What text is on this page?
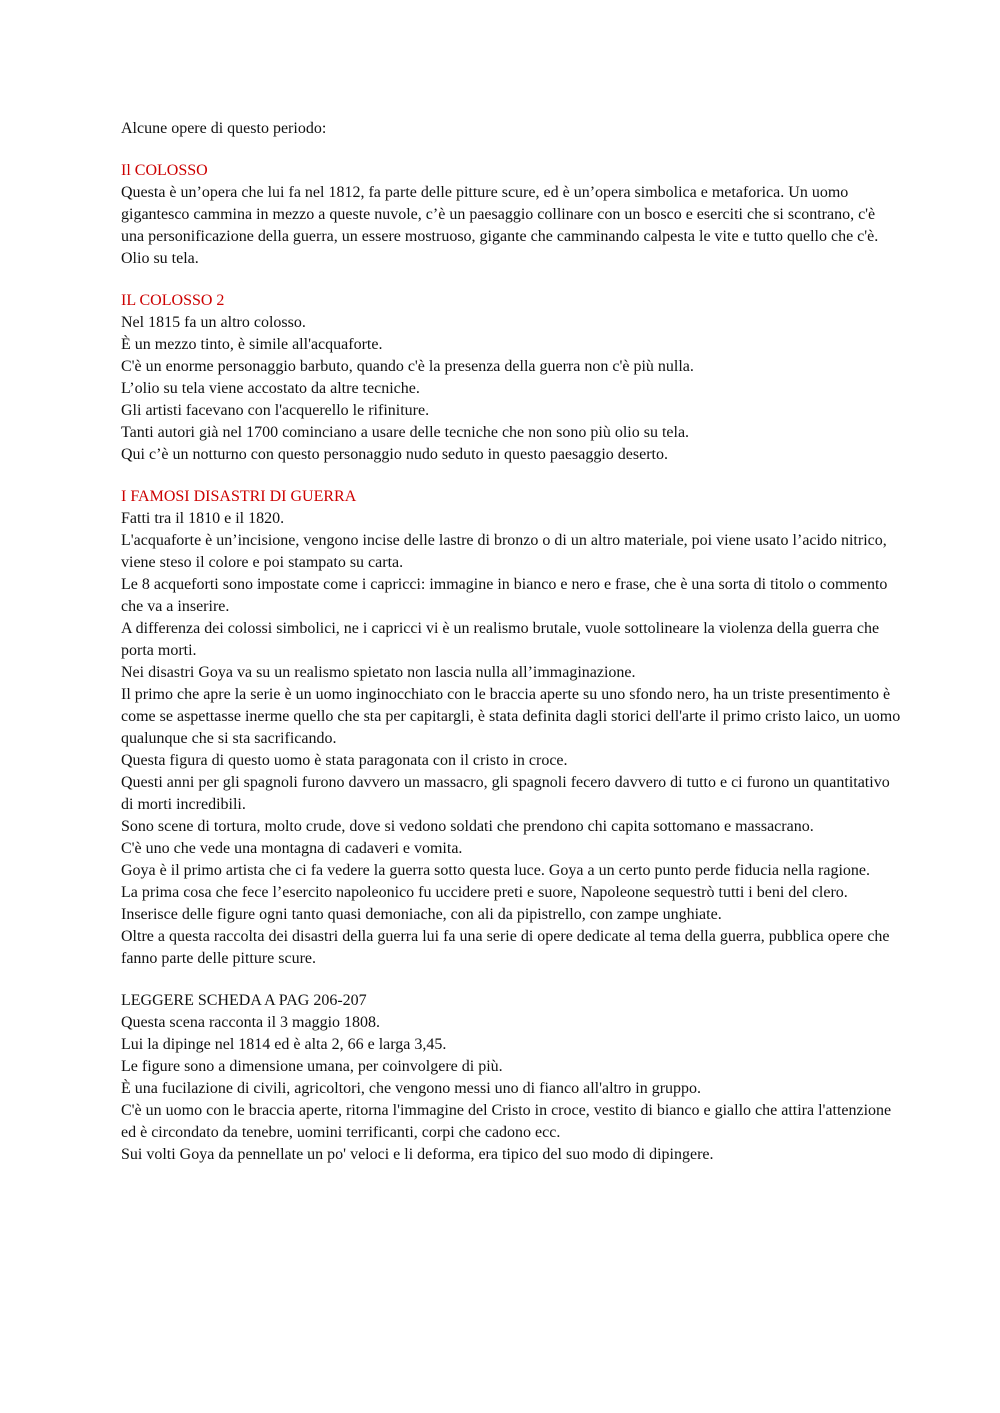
Alcune opere di questo periodo:

Il COLOSSO

Questa è un’opera che lui fa nel 1812, fa parte delle pitture scure, ed è un’opera simbolica e metaforica. Un uomo gigantesco cammina in mezzo a queste nuvole, c’è un paesaggio collinare con un bosco e eserciti che si scontrano, c'è una personificazione della guerra, un essere mostruoso, gigante che camminando calpesta le vite e tutto quello che c'è.

Olio su tela.

IL COLOSSO 2

Nel 1815 fa un altro colosso.

È un mezzo tinto, è simile all'acquaforte.

C'è un enorme personaggio barbuto, quando c'è la presenza della guerra non c'è più nulla.

L’olio su tela viene accostato da altre tecniche.

Gli artisti facevano con l'acquerello le rifiniture.

Tanti autori già nel 1700 cominciano a usare delle tecniche che non sono più olio su tela.

Qui c’è un notturno con questo personaggio nudo seduto in questo paesaggio deserto.

I FAMOSI DISASTRI DI GUERRA

Fatti tra il 1810 e il 1820.

L'acquaforte è un’incisione, vengono incise delle lastre di bronzo o di un altro materiale, poi viene usato l’acido nitrico, viene steso il colore e poi stampato su carta.

Le 8 acqueforti sono impostate come i capricci: immagine in bianco e nero e frase, che è una sorta di titolo o commento che va a inserire.

A differenza dei colossi simbolici, ne i capricci vi è un realismo brutale, vuole sottolineare la violenza della guerra che porta morti.

Nei disastri Goya va su un realismo spietato non lascia nulla all’immaginazione.

Il primo che apre la serie è un uomo inginocchiato con le braccia aperte su uno sfondo nero, ha un triste presentimento è come se aspettasse inerme quello che sta per capitargli, è stata definita dagli storici dell'arte il primo cristo laico, un uomo qualunque che si sta sacrificando.

Questa figura di questo uomo è stata paragonata con il cristo in croce.

Questi anni per gli spagnoli furono davvero un massacro, gli spagnoli fecero davvero di tutto e ci furono un quantitativo di morti incredibili.

Sono scene di tortura, molto crude, dove si vedono soldati che prendono chi capita sottomano e massacrano.

C'è uno che vede una montagna di cadaveri e vomita.

Goya è il primo artista che ci fa vedere la guerra sotto questa luce. Goya a un certo punto perde fiducia nella ragione.

La prima cosa che fece l’esercito napoleonico fu uccidere preti e suore, Napoleone sequestrò tutti i beni del clero.

Inserisce delle figure ogni tanto quasi demoniache, con ali da pipistrello, con zampe unghiate.

Oltre a questa raccolta dei disastri della guerra lui fa una serie di opere dedicate al tema della guerra, pubblica opere che fanno parte delle pitture scure.

LEGGERE SCHEDA A PAG 206-207

Questa scena racconta il 3 maggio 1808.

Lui la dipinge nel 1814 ed è alta 2, 66 e larga 3,45.

Le figure sono a dimensione umana, per coinvolgere di più.

È una fucilazione di civili, agricoltori, che vengono messi uno di fianco all'altro in gruppo.

C'è un uomo con le braccia aperte, ritorna l'immagine del Cristo in croce, vestito di bianco e giallo che attira l'attenzione ed è circondato da tenebre, uomini terrificanti, corpi che cadono ecc.

Sui volti Goya da pennellate un po' veloci e li deforma, era tipico del suo modo di dipingere.
